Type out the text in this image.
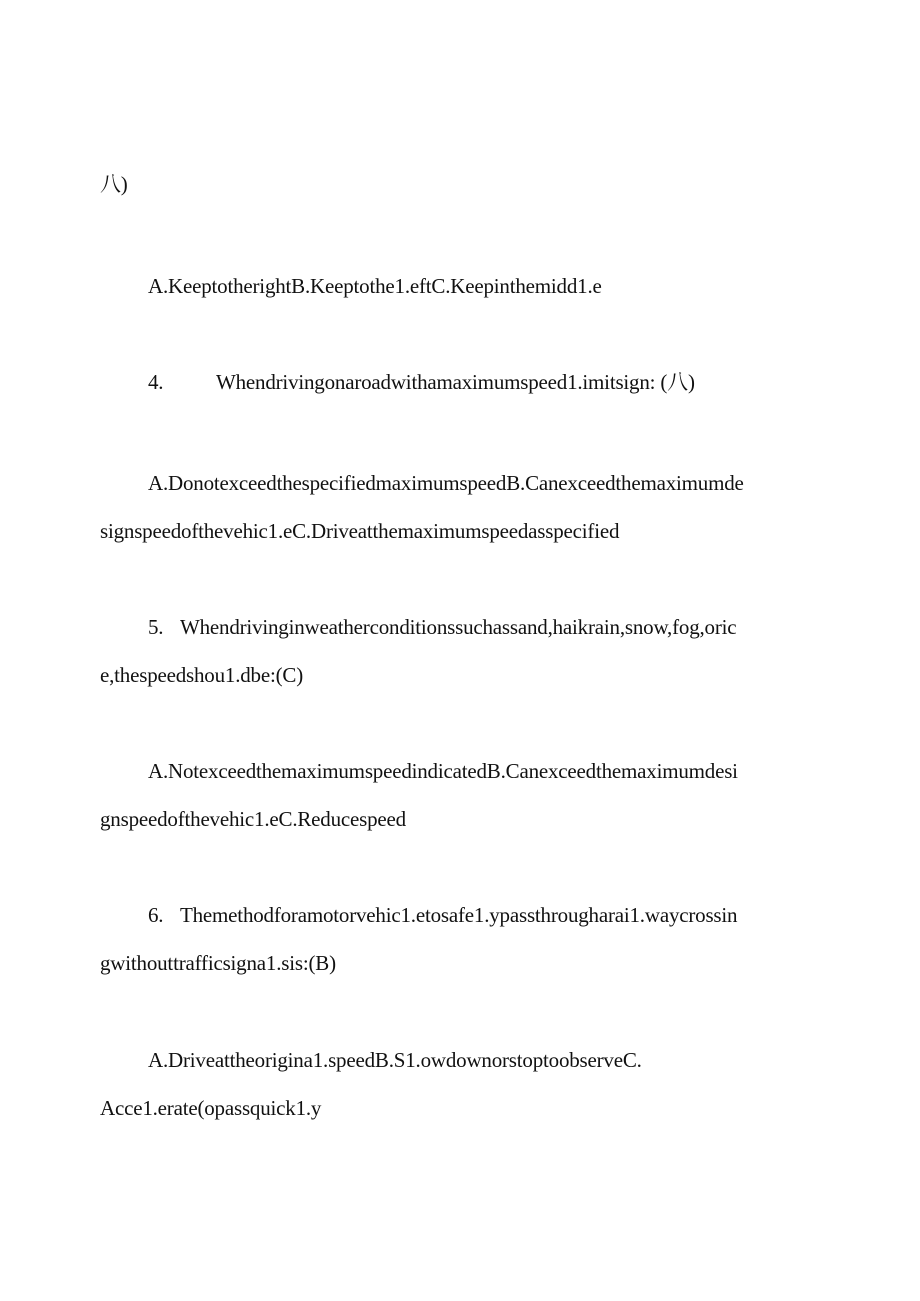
八)
A.KeeptotherightB.Keeptothe1.eftC.Keepinthemidd1.e
4.	Whendrivingonaroadwithamaximumspeed1.imitsign: (八)
A.DonotexceedthespecifiedmaximumspeedB.Canexceedthemaximumde
signspeedofthevehic1.eC.Driveatthemaximumspeedasspecified
5. Whendrivinginweatherconditionssuchassand,haikrain,snow,fog,oric
e,thespeedshou1.dbe:(C)
A.NotexceedthemaximumspeedindicatedB.Canexceedthemaximumdesi
gnspeedofthevehic1.eC.Reducespeed
6. Themethodforamotorvehic1.etosafe1.ypassthrougharai1.waycrossin
gwithouttrafficsigna1.sis:(B)
A.Driveattheorigina1.speedB.S1.owdownorstoptoobserveC.
Acce1.erate(opassquick1.y
